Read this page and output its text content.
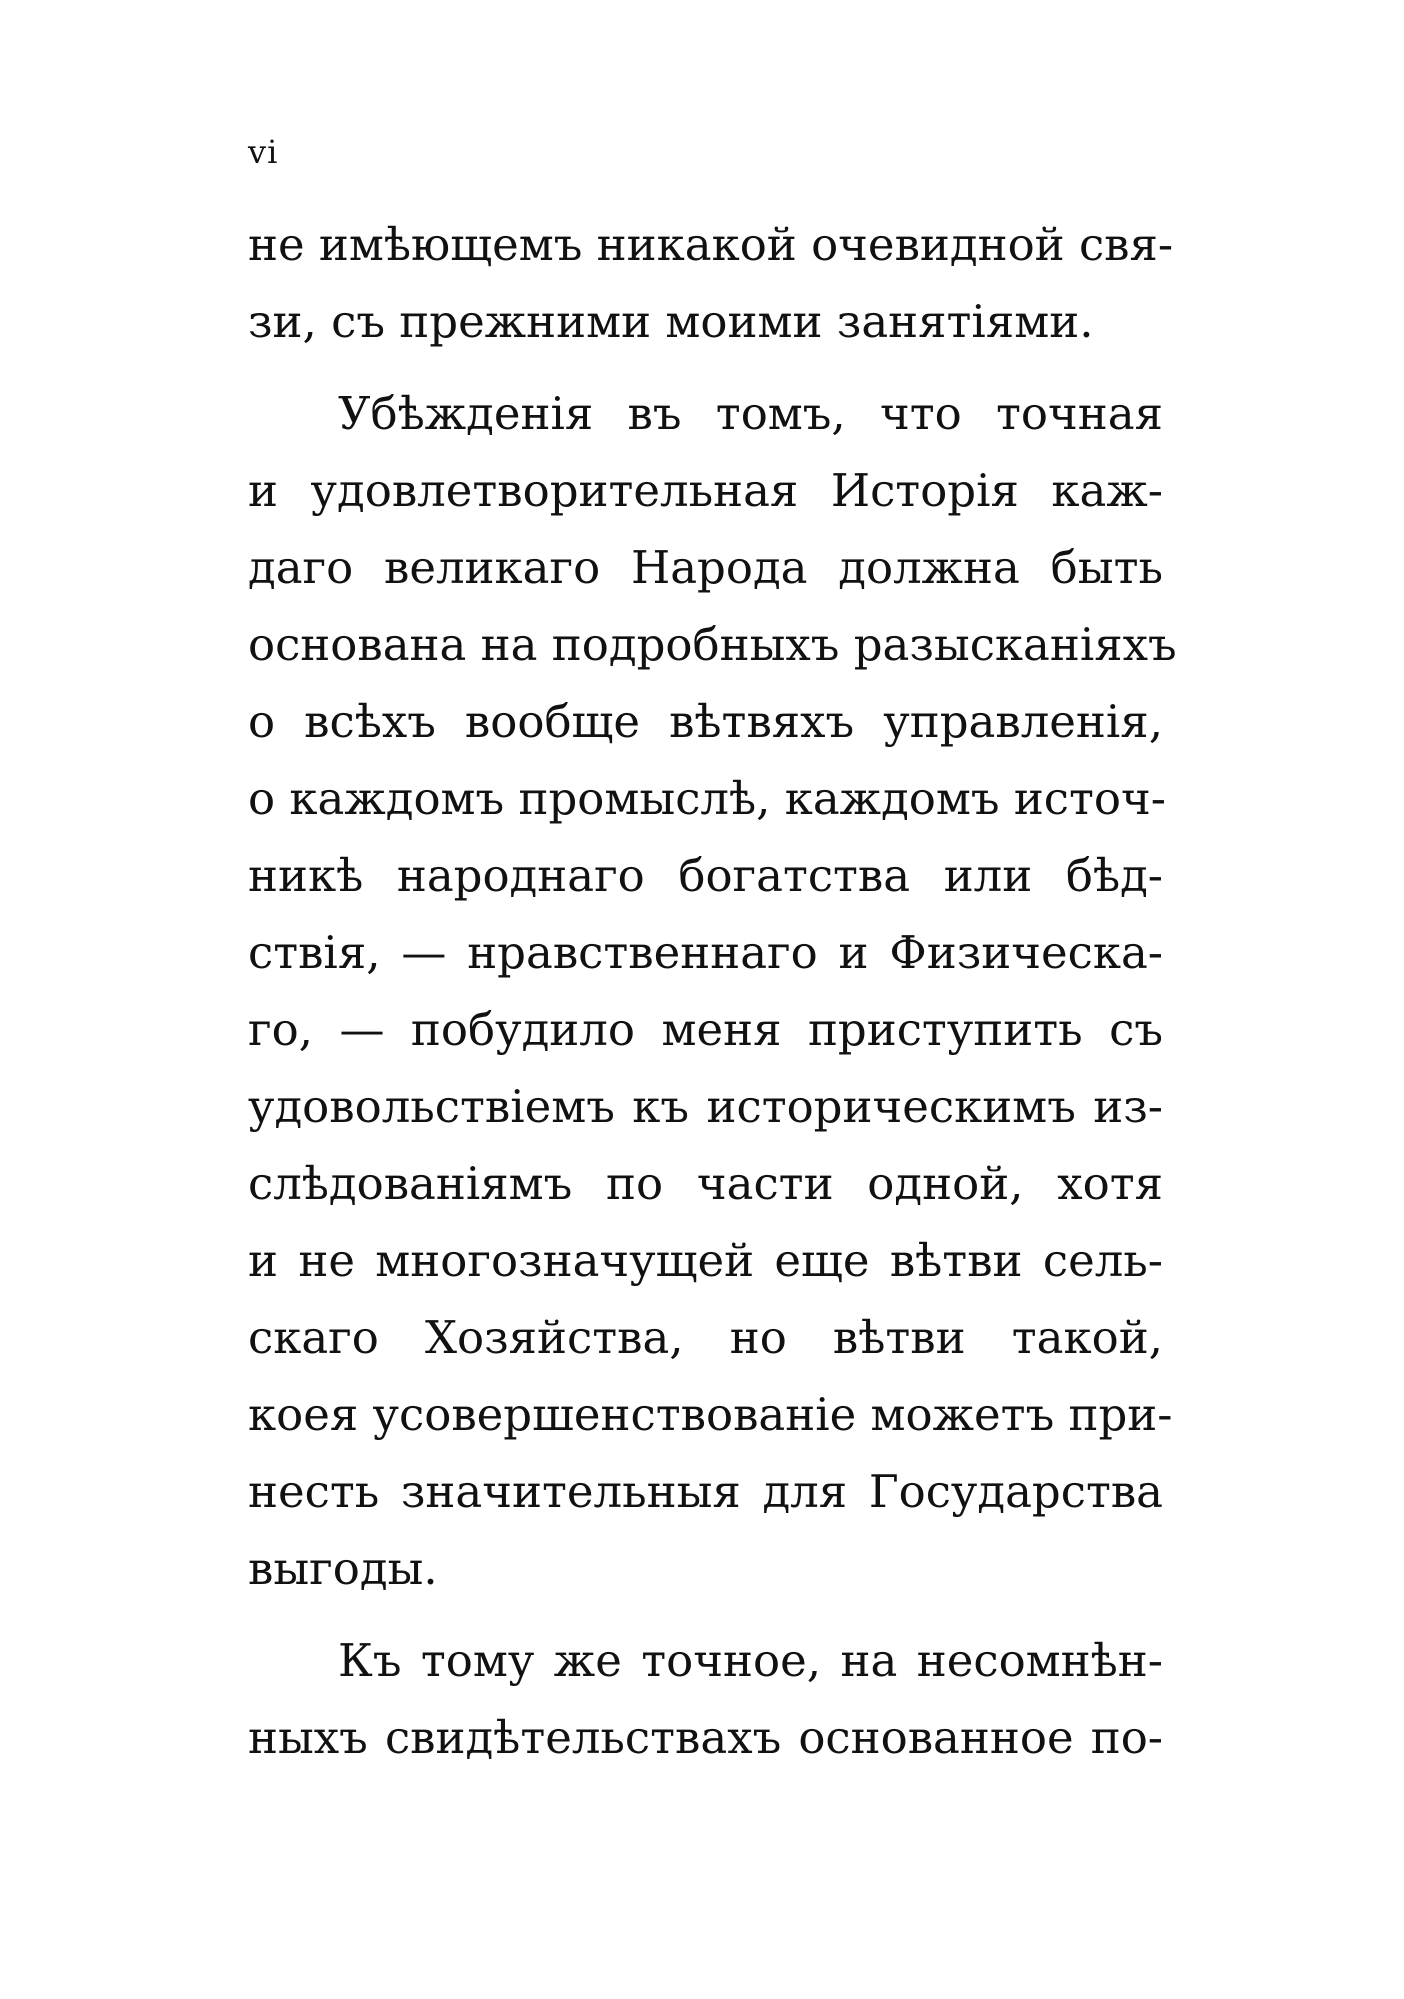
vi
не имѣющемъ никакой очевидной свя-
зи, съ прежними моими занятіями.
Убѣжденія въ томъ, что точная
и удовлетворительная Исторія каж-
даго великаго Народа должна быть
основана на подробныхъ разысканіяхъ
о всѣхъ вообще вѣтвяхъ управленія,
о каждомъ промыслѣ, каждомъ источ-
никѣ народнаго богатства или бѣд-
ствія, — нравственнаго и Физическа-
го, — побудило меня приступить съ
удовольствіемъ къ историческимъ из-
слѣдованіямъ по части одной, хотя
и не многозначущей еще вѣтви сель-
скаго Хозяйства, но вѣтви такой,
коея усовершенствованіе можетъ при-
несть значительныя для Государства
выгоды.
Къ тому же точное, на несомнѣн-
ныхъ свидѣтельствахъ основанное по-
